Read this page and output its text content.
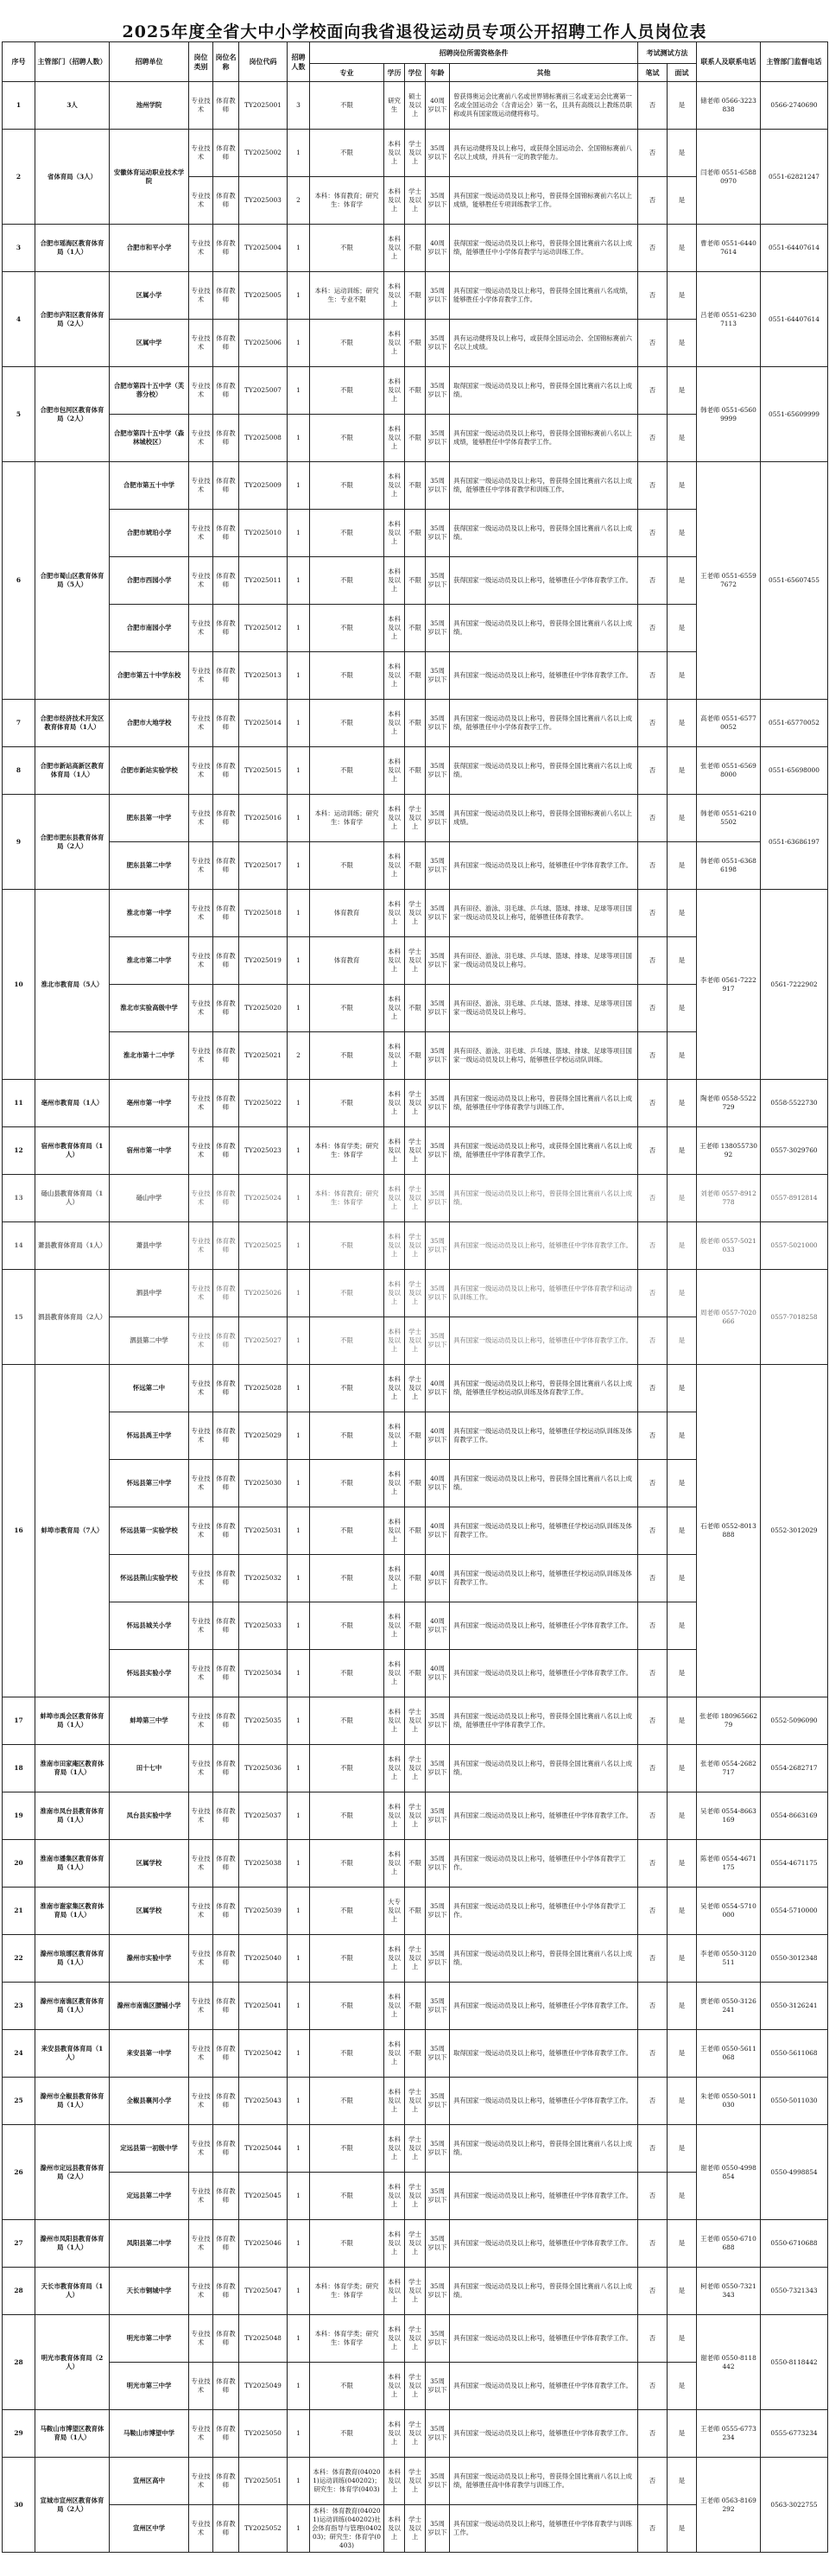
2025年度全省大中小学校面向我省退役运动员专项公开招聘工作人员岗位表
序号	主管部门（招聘人数）	招聘单位	岗位类别	岗位名称	岗位代码	招聘人数	招聘岗位所需资格条件					考试测试方法		联系人及联系电话	主管部门监督电话
							专业	学历	学位	年龄	其他	笔试	面试		
1	3人	池州学院	专业技术	体育教师	TY2025001	3	不限	研究生	硕士及以上	40周岁以下	曾获得奥运会比赛前八名或世界锦标赛前三名或亚运会比赛第一名或全国运动会（含青运会）第一名，且具有高级以上教练员职称或具有国家级运动健将称号。	否	是	储老师 0566-3223838	0566-2740690
2	省体育局（3人）	安徽体育运动职业技术学院	专业技术	体育教师	TY2025002	1	不限	本科及以上	学士及以上	35周岁以下	具有运动健将及以上称号，或获得全国运动会、全国锦标赛前八名以上成绩，并具有一定的教学能力。	否	是	闫老师 0551-65880970	0551-62821247
			专业技术	体育教师	TY2025003	2	本科：体育教育；研究生：体育学	本科及以上	学士及以上	35周岁以下	具有国家一级运动员及以上称号，曾获得全国锦标赛前六名以上成绩，能够胜任专项训练教学工作。	否	是		
3	合肥市瑶海区教育体育局（1人）	合肥市和平小学	专业技术	体育教师	TY2025004	1	不限	本科及以上	不限	40周岁以下	获得国家一级运动员及以上称号，曾获得全国比赛前六名以上成绩，能够胜任中小学体育教学与运动训练工作。	否	是	曹老师 0551-64407614	0551-64407614
4	合肥市庐阳区教育体育局（2人）	区属小学	专业技术	体育教师	TY2025005	1	本科：运动训练；研究生：专业不限	本科及以上	不限	35周岁以下	具有国家一级运动员及以上称号，曾获得全国比赛前八名成绩，能够胜任小学体育教学工作。	否	是	吕老师 0551-62307113	0551-64407614
		区属中学	专业技术	体育教师	TY2025006	1	不限	本科及以上	不限	35周岁以下	具有运动健将及以上称号，或获得全国运动会、全国锦标赛前六名以上成绩。	否	是		
5	合肥市包河区教育体育局（2人）	合肥市第四十五中学（芙蓉分校）	专业技术	体育教师	TY2025007	1	不限	本科及以上	不限	35周岁以下	取得国家一级运动员及以上称号，曾获得全国比赛前六名以上成绩。	否	是	韩老师 0551-65609999	0551-65609999
		合肥市第四十五中学（森林城校区）	专业技术	体育教师	TY2025008	1	不限	本科及以上	不限	35周岁以下	具有国家一级运动员及以上称号，曾获得全国锦标赛前八名以上成绩，能够胜任中学体育教学工作。	否	是		
6	合肥市蜀山区教育体育局（5人）	合肥市第五十中学	专业技术	体育教师	TY2025009	1	不限	本科及以上	不限	35周岁以下	具有国家一级运动员及以上称号，曾获得全国比赛前六名以上成绩，能够胜任中学体育教学和训练工作。	否	是	王老师 0551-65597672	0551-65607455
		合肥市琥珀小学	专业技术	体育教师	TY2025010	1	不限	本科及以上	不限	35周岁以下	获得国家一级运动员及以上称号，曾获得全国比赛前八名以上成绩。	否	是		
		合肥市西园小学	专业技术	体育教师	TY2025011	1	不限	本科及以上	不限	35周岁以下	获得国家一级运动员及以上称号，能够胜任小学体育教学工作。	否	是		
		合肥市南园小学	专业技术	体育教师	TY2025012	1	不限	本科及以上	不限	35周岁以下	具有国家一级运动员及以上称号，曾获得全国比赛前八名以上成绩。	否	是		
		合肥市第五十中学东校	专业技术	体育教师	TY2025013	1	不限	本科及以上	不限	35周岁以下	具有国家一级运动员及以上称号，能够胜任中学体育教学工作。	否	是		
7	合肥市经济技术开发区教育体育局（1人）	合肥市大地学校	专业技术	体育教师	TY2025014	1	不限	本科及以上	不限	35周岁以下	具有国家一级运动员及以上称号，曾获得全国比赛前八名以上成绩，能够胜任中小学体育教学工作。	否	是	高老师 0551-65770052	0551-65770052
8	合肥市新站高新区教育体育局（1人）	合肥市新站实验学校	专业技术	体育教师	TY2025015	1	不限	本科及以上	不限	35周岁以下	获得国家一级运动员及以上称号，曾获得全国比赛前六名以上成绩。	否	是	张老师 0551-65698000	0551-65698000
9	合肥市肥东县教育体育局（2人）	肥东县第一中学	专业技术	体育教师	TY2025016	1	本科：运动训练；研究生：体育学	本科及以上	学士及以上	35周岁以下	具有国家一级运动员及以上称号，曾获得全国锦标赛前八名以上成绩。	否	是	韩老师 0551-62105502	0551-63686197
		肥东县第二中学	专业技术	体育教师	TY2025017	1	不限	本科及以上	不限	35周岁以下	具有国家一级运动员及以上称号，能够胜任中学体育教学工作。	否	是	韩老师 0551-63686198	
10	淮北市教育局（5人）	淮北市第一中学	专业技术	体育教师	TY2025018	1	体育教育	本科及以上	学士及以上	35周岁以下	具有田径、游泳、羽毛球、乒乓球、篮球、排球、足球等项目国家一级运动员及以上称号，能够胜任体育教学。	否	是	李老师 0561-7222917	0561-7222902
		淮北市第二中学	专业技术	体育教师	TY2025019	1	体育教育	本科及以上	学士及以上	35周岁以下	具有田径、游泳、羽毛球、乒乓球、篮球、排球、足球等项目国家一级运动员及以上称号。	否	是		
		淮北市实验高级中学	专业技术	体育教师	TY2025020	1	不限	本科及以上	不限	35周岁以下	具有田径、游泳、羽毛球、乒乓球、篮球、排球、足球等项目国家一级运动员及以上称号。	否	是		
		淮北市第十二中学	专业技术	体育教师	TY2025021	2	不限	本科及以上	不限	35周岁以下	具有田径、游泳、羽毛球、乒乓球、篮球、排球、足球等项目国家一级运动员及以上称号，能够胜任学校运动队训练。	否	是		
11	亳州市教育局（1人）	亳州市第一中学	专业技术	体育教师	TY2025022	1	不限	本科及以上	学士及以上	35周岁以下	具有国家一级运动员及以上称号，曾获得全国比赛前八名以上成绩，能够胜任中学体育教学与训练工作。	否	是	陶老师 0558-5522729	0558-5522730
12	宿州市教育体育局（1人）	宿州市第一中学	专业技术	体育教师	TY2025023	1	本科：体育学类；研究生：体育学	本科及以上	学士及以上	35周岁以下	具有国家一级运动员及以上称号，或获得全国比赛前八名以上成绩，能够胜任中学体育教学工作。	否	是	王老师 13805573092	0557-3029760
13	砀山县教育体育局（1人）	砀山中学	专业技术	体育教师	TY2025024	1	本科：体育教育；研究生：体育学	本科及以上	学士及以上	35周岁以下	具有国家一级运动员及以上称号，曾获得全国比赛前八名以上成绩。	否	是	刘老师 0557-8912778	0557-8912814
14	萧县教育体育局（1人）	萧县中学	专业技术	体育教师	TY2025025	1	不限	本科及以上	学士及以上	35周岁以下	具有国家一级运动员及以上称号，能够胜任中学体育教学工作。	否	是	殷老师 0557-5021033	0557-5021000
15	泗县教育体育局（2人）	泗县中学	专业技术	体育教师	TY2025026	1	不限	本科及以上	学士及以上	35周岁以下	具有国家一级运动员及以上称号，能够胜任中学体育教学和运动队训练工作。	否	是	周老师 0557-7020666	0557-7018258
		泗县第二中学	专业技术	体育教师	TY2025027	1	不限	本科及以上	学士及以上	35周岁以下	具有国家一级运动员及以上称号，能够胜任中学体育教学工作。	否	是		
16	蚌埠市教育局（7人）	怀远第二中	专业技术	体育教师	TY2025028	1	不限	本科及以上	学士及以上	40周岁以下	具有国家一级运动员及以上称号，曾获得全国比赛前八名以上成绩，能够胜任学校运动队训练及体育教学工作。	否	是	石老师 0552-8013888	0552-3012029
		怀远县禹王中学	专业技术	体育教师	TY2025029	1	不限	本科及以上	不限	40周岁以下	具有国家一级运动员及以上称号，能够胜任学校运动队训练及体育教学工作。	否	是		
		怀远县第三中学	专业技术	体育教师	TY2025030	1	不限	本科及以上	不限	40周岁以下	具有国家一级运动员及以上称号，曾获得全国比赛前八名以上成绩。	否	是		
		怀远县第一实验学校	专业技术	体育教师	TY2025031	1	不限	本科及以上	不限	40周岁以下	具有国家一级运动员及以上称号，能够胜任学校运动队训练及体育教学工作。	否	是		
		怀远县荆山实验学校	专业技术	体育教师	TY2025032	1	不限	本科及以上	不限	40周岁以下	具有国家一级运动员及以上称号，能够胜任学校运动队训练及体育教学工作。	否	是		
		怀远县城关小学	专业技术	体育教师	TY2025033	1	不限	本科及以上	不限	40周岁以下	具有国家一级运动员及以上称号，能够胜任小学体育教学工作。	否	是		
		怀远县实验小学	专业技术	体育教师	TY2025034	1	不限	本科及以上	不限	40周岁以下	具有国家一级运动员及以上称号，能够胜任小学体育教学工作。	否	是		
17	蚌埠市禹会区教育体育局（1人）	蚌埠第三中学	专业技术	体育教师	TY2025035	1	不限	本科及以上	学士及以上	35周岁以下	具有国家一级运动员及以上称号，曾获得全国比赛前八名以上成绩，能够胜任中学体育教学工作。	否	是	张老师 18096566279	0552-5096090
18	淮南市田家庵区教育体育局（1人）	田十七中	专业技术	体育教师	TY2025036	1	不限	本科及以上	学士及以上	35周岁以下	具有国家一级运动员及以上称号，曾获得全国比赛前八名以上成绩。	否	是	张老师 0554-2682717	0554-2682717
19	淮南市凤台县教育体育局（1人）	凤台县实验中学	专业技术	体育教师	TY2025037	1	不限	本科及以上	学士及以上	35周岁以下	具有国家二级运动员及以上称号，能够胜任中学体育教学工作。	否	是	吴老师 0554-8663169	0554-8663169
20	淮南市潘集区教育体育局（1人）	区属学校	专业技术	体育教师	TY2025038	1	不限	本科及以上	不限	35周岁以下	具有国家一级运动员及以上称号，能够胜任中小学体育教学工作。	否	是	陈老师 0554-4671175	0554-4671175
21	淮南市谢家集区教育体育局（1人）	区属学校	专业技术	体育教师	TY2025039	1	不限	大专及以上	不限	35周岁以下	具有国家一级运动员及以上称号，能够胜任中小学体育教学工作。	否	是	吴老师 0554-5710000	0554-5710000
22	滁州市琅琊区教育体育局（1人）	滁州市实验中学	专业技术	体育教师	TY2025040	1	不限	本科及以上	学士及以上	35周岁以下	具有国家一级运动员及以上称号，曾获得全国比赛前八名以上成绩。	否	是	李老师 0550-3120511	0550-3012348
23	滁州市南谯区教育体育局（1人）	滁州市南谯区腰铺小学	专业技术	体育教师	TY2025041	1	不限	本科及以上	不限	35周岁以下	具有国家一级运动员及以上称号，能够胜任小学体育教学工作。	否	是	贾老师 0550-3126241	0550-3126241
24	来安县教育体育局（1人）	来安县第一中学	专业技术	体育教师	TY2025042	1	不限	本科及以上	不限	35周岁以下	取得国家一级运动员及以上称号，能够胜任中学体育教学工作。	否	是	王老师 0550-5611068	0550-5611068
25	滁州市全椒县教育体育局（1人）	全椒县襄河小学	专业技术	体育教师	TY2025043	1	不限	本科及以上	学士及以上	35周岁以下	具有国家一级运动员及以上称号，能够胜任小学体育教学工作。	否	是	朱老师 0550-5011030	0550-5011030
26	滁州市定远县教育体育局（2人）	定远县第一初级中学	专业技术	体育教师	TY2025044	1	不限	本科及以上	学士及以上	35周岁以下	具有国家一级运动员及以上称号，曾获得全国比赛前八名以上成绩。	否	是	谢老师 0550-4998854	0550-4998854
		定远县第二中学	专业技术	体育教师	TY2025045	1	不限	本科及以上	学士及以上	35周岁以下	具有国家一级运动员及以上称号，能够胜任中学体育教学工作。	否	是		
27	滁州市凤阳县教育体育局（1人）	凤阳县第二中学	专业技术	体育教师	TY2025046	1	不限	本科及以上	学士及以上	35周岁以下	具有国家一级运动员及以上称号，能够胜任中学体育教学工作。	否	是	王老师 0550-6710688	0550-6710688
28	天长市教育体育局（1人）	天长市铜城中学	专业技术	体育教师	TY2025047	1	本科：体育学类；研究生：体育学	本科及以上	学士及以上	35周岁以下	具有国家一级运动员及以上称号，曾获得全国比赛前八名以上成绩。	否	是	柯老师 0550-7321343	0550-7321343
28	明光市教育体育局（2人）	明光市第二中学	专业技术	体育教师	TY2025048	1	本科：体育学类；研究生：体育学	本科及以上	学士及以上	35周岁以下	具有国家一级运动员及以上称号，能够胜任中学体育教学工作。	否	是	谢老师 0550-8118442	0550-8118442
		明光市第三中学	专业技术	体育教师	TY2025049	1	不限	本科及以上	学士及以上	35周岁以下	具有国家一级运动员及以上称号，能够胜任中学体育教学工作。	否	是		
29	马鞍山市博望区教育体育局（1人）	马鞍山市博望中学	专业技术	体育教师	TY2025050	1	不限	本科及以上	学士及以上	35周岁以下	具有国家一级运动员及以上称号，能够胜任中学体育教学工作。	否	是	王老师 0555-6773234	0555-6773234
30	宣城市宣州区教育体育局（2人）	宣州区高中	专业技术	体育教师	TY2025051	1	本科：体育教育(040201)运动训练(040202)；研究生：体育学(0403)	本科及以上	学士及以上	35周岁以下	具有国家一级运动员及以上称号，曾获得全国比赛前八名以上成绩，能够胜任高中体育教学与训练工作。	否	是	王老师 0563-8169292	0563-3022755
		宣州区中学	专业技术	体育教师	TY2025052	1	本科：体育教育(040201)运动训练(040202)社会体育指导与管理(040203)；研究生：体育学(0403)	本科及以上	学士及以上	35周岁以下	具有国家一级运动员及以上称号，能够胜任中学体育教学与训练工作。	否	是		
